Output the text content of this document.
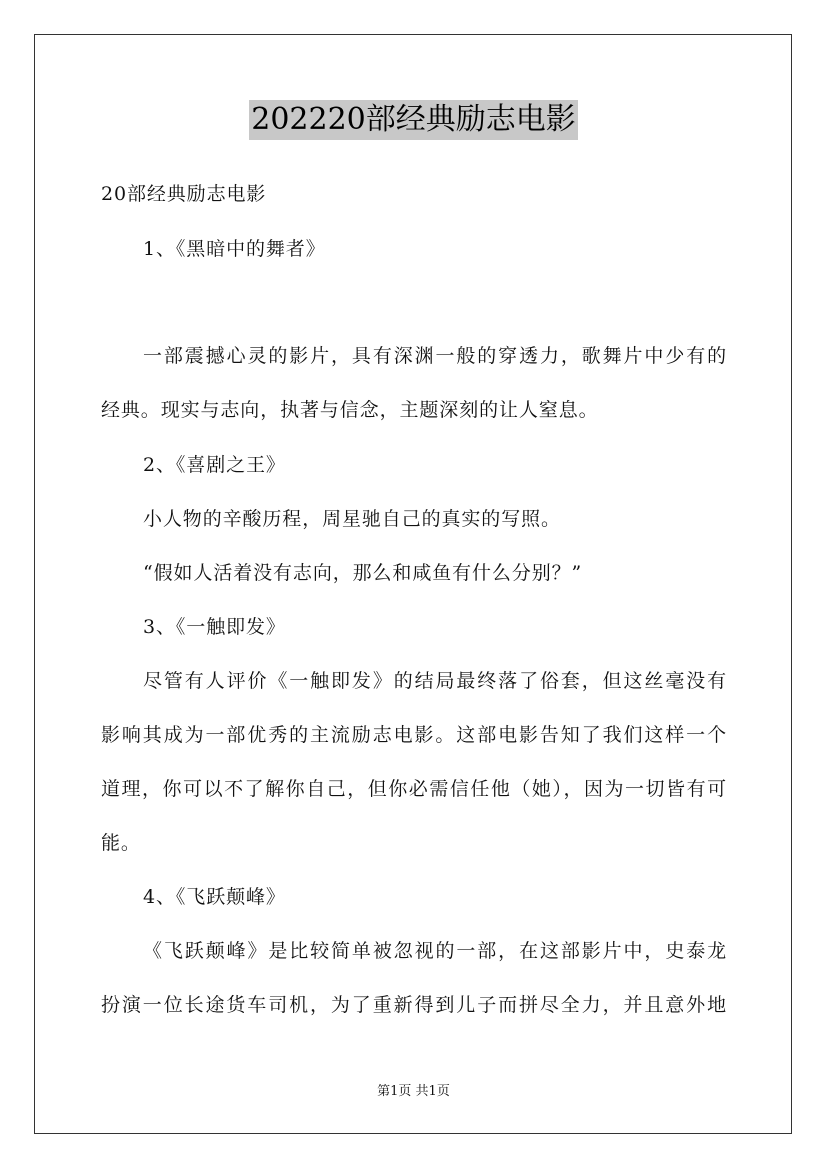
202220部经典励志电影
20部经典励志电影
1、《黑暗中的舞者》
一部震撼心灵的影片，具有深渊一般的穿透力，歌舞片中少有的
经典。现实与志向，执著与信念，主题深刻的让人窒息。
2、《喜剧之王》
小人物的辛酸历程，周星驰自己的真实的写照。
“假如人活着没有志向，那么和咸鱼有什么分别？”
3、《一触即发》
尽管有人评价《一触即发》的结局最终落了俗套，但这丝毫没有
影响其成为一部优秀的主流励志电影。这部电影告知了我们这样一个
道理，你可以不了解你自己，但你必需信任他（她），因为一切皆有可
能。
4、《飞跃颠峰》
《飞跃颠峰》是比较简单被忽视的一部，在这部影片中，史泰龙
扮演一位长途货车司机，为了重新得到儿子而拼尽全力，并且意外地
第1页 共1页
